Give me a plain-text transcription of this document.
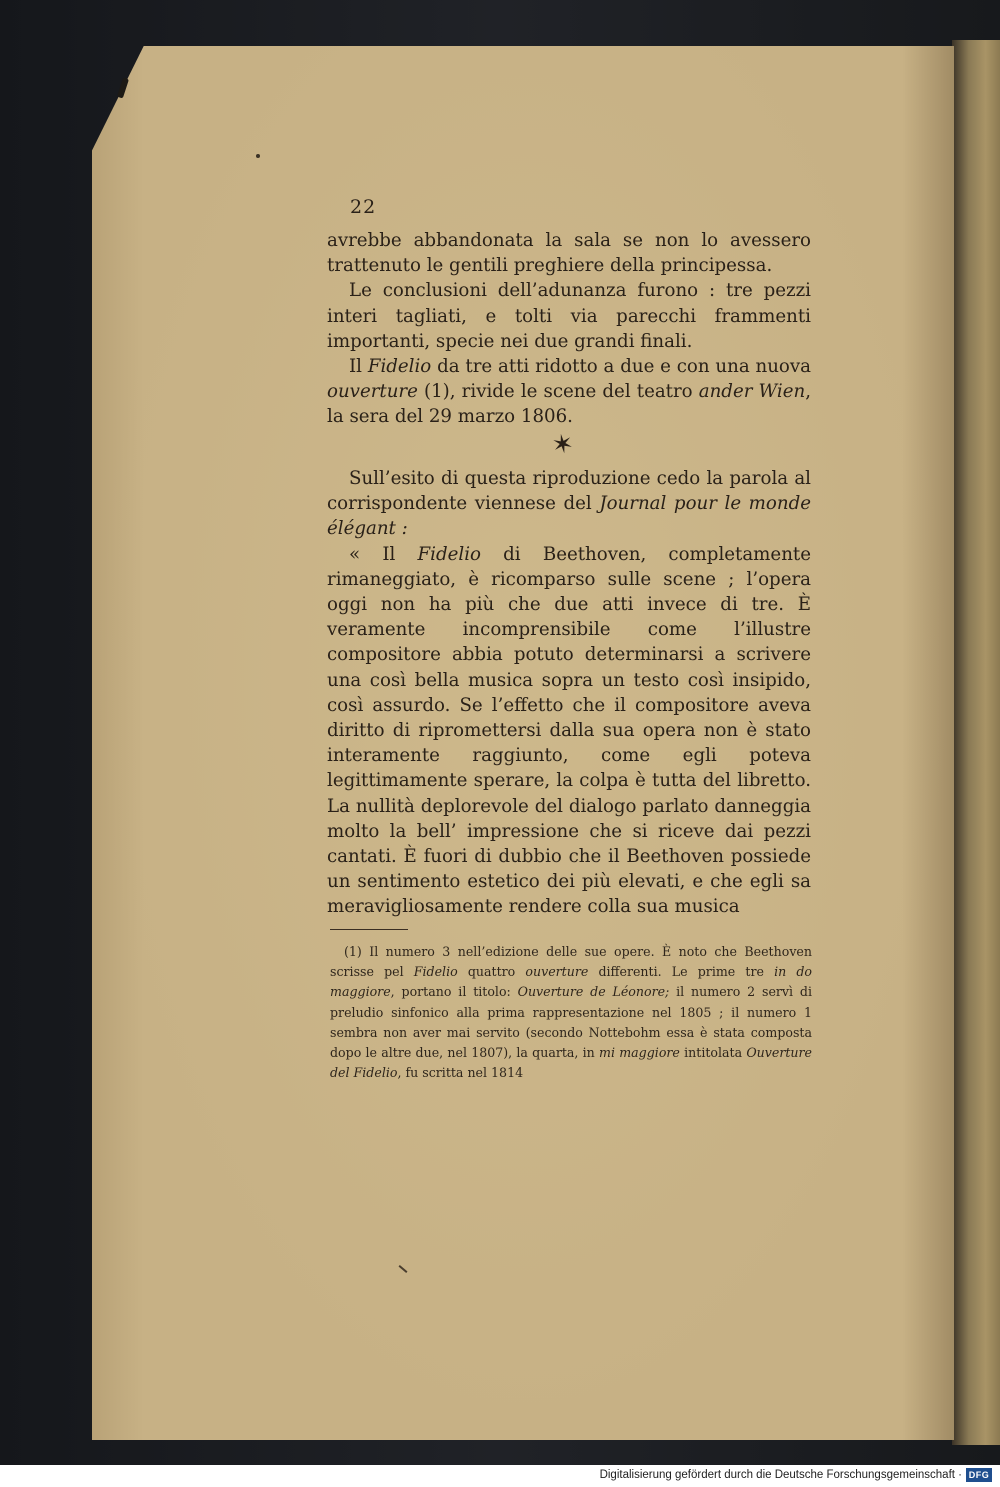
22

avrebbe abbandonata la sala se non lo avessero trattenuto le gentili preghiere della principessa.

Le conclusioni dell’adunanza furono : tre pezzi interi tagliati, e tolti via parecchi frammenti importanti, specie nei due grandi finali.

Il Fidelio da tre atti ridotto a due e con una nuova ouverture (1), rivide le scene del teatro ander Wien, la sera del 29 marzo 1806.

✶

Sull’esito di questa riproduzione cedo la parola al corrispondente viennese del Journal pour le monde élégant :

« Il Fidelio di Beethoven, completamente rimaneggiato, è ricomparso sulle scene ; l’opera oggi non ha più che due atti invece di tre. È veramente incomprensibile come l’illustre compositore abbia potuto determinarsi a scrivere una così bella musica sopra un testo così insipido, così assurdo. Se l’effetto che il compositore aveva diritto di ripromettersi dalla sua opera non è stato interamente raggiunto, come egli poteva legittimamente sperare, la colpa è tutta del libretto. La nullità deplorevole del dialogo parlato danneggia molto la bell’ impressione che si riceve dai pezzi cantati. È fuori di dubbio che il Beethoven possiede un sentimento estetico dei più elevati, e che egli sa meravigliosamente rendere colla sua musica

(1) Il numero 3 nell’edizione delle sue opere. È noto che Beethoven scrisse pel Fidelio quattro ouverture differenti. Le prime tre in do maggiore, portano il titolo: Ouverture de Léonore; il numero 2 servì di preludio sinfonico alla prima rappresentazione nel 1805 ; il numero 1 sembra non aver mai servito (secondo Nottebohm essa è stata composta dopo le altre due, nel 1807), la quarta, in mi maggiore intitolata Ouverture del Fidelio, fu scritta nel 1814
Digitalisierung gefördert durch die Deutsche Forschungsgemeinschaft · DFG
